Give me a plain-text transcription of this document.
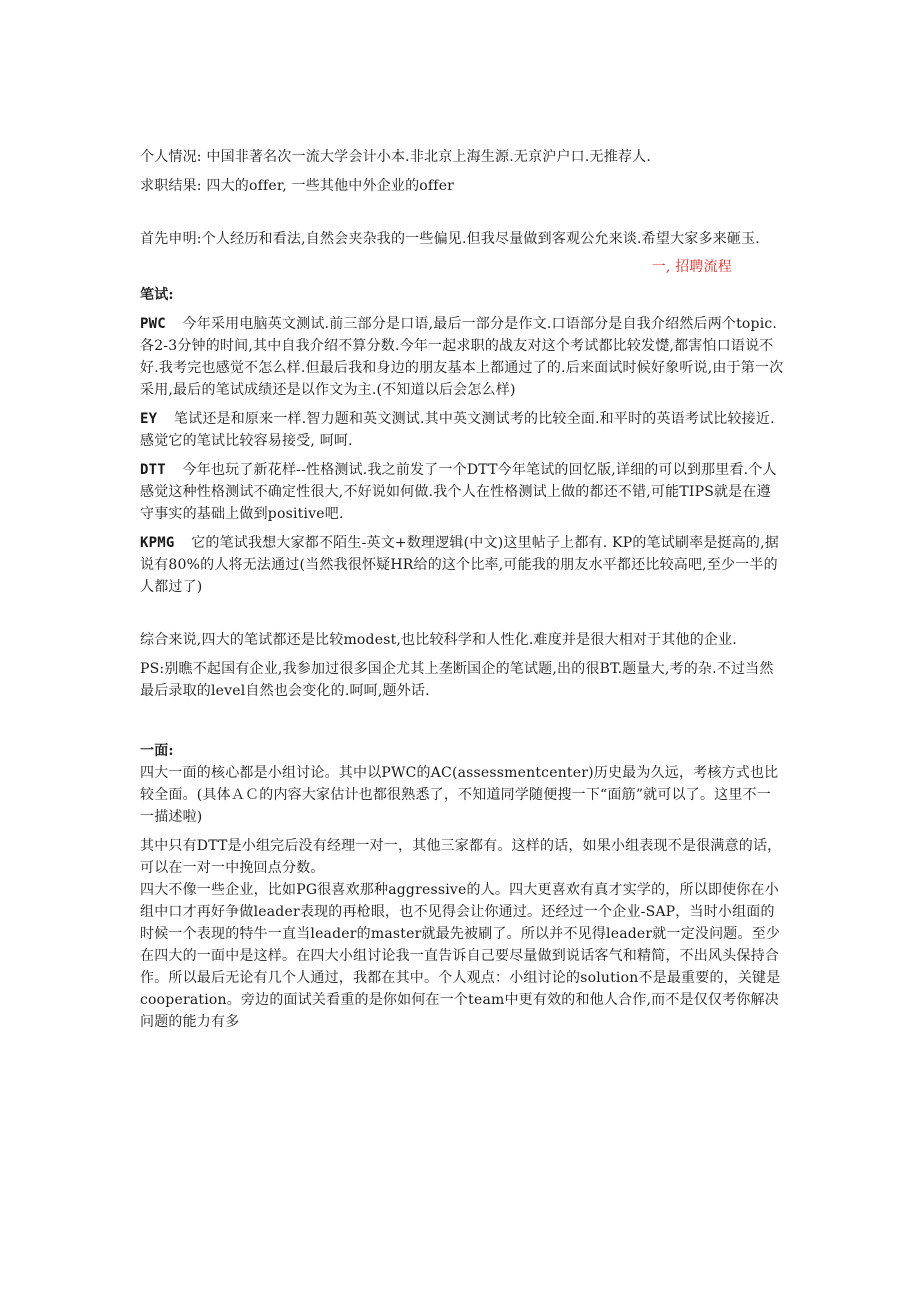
个人情况: 中国非著名次一流大学会计小本.非北京上海生源.无京沪户口.无推荐人.

求职结果: 四大的offer, 一些其他中外企业的offer

首先申明:个人经历和看法,自然会夹杂我的一些偏见.但我尽量做到客观公允来谈.希望大家多来砸玉.

一, 招聘流程

笔试:

PWC 今年采用电脑英文测试.前三部分是口语,最后一部分是作文.口语部分是自我介绍然后两个topic. 各2-3分钟的时间,其中自我介绍不算分数.今年一起求职的战友对这个考试都比较发憷,都害怕口语说不好.我考完也感觉不怎么样.但最后我和身边的朋友基本上都通过了的.后来面试时候好象听说,由于第一次采用,最后的笔试成绩还是以作文为主.(不知道以后会怎么样)

EY 笔试还是和原来一样.智力题和英文测试.其中英文测试考的比较全面.和平时的英语考试比较接近.感觉它的笔试比较容易接受, 呵呵.

DTT 今年也玩了新花样--性格测试.我之前发了一个DTT今年笔试的回忆版,详细的可以到那里看.个人感觉这种性格测试不确定性很大,不好说如何做.我个人在性格测试上做的都还不错,可能TIPS就是在遵守事实的基础上做到positive吧.

KPMG 它的笔试我想大家都不陌生-英文+数理逻辑(中文)这里帖子上都有. KP的笔试刷率是挺高的,据说有80%的人将无法通过(当然我很怀疑HR给的这个比率,可能我的朋友水平都还比较高吧,至少一半的人都过了)

综合来说,四大的笔试都还是比较modest,也比较科学和人性化.难度并是很大相对于其他的企业.

PS:别瞧不起国有企业,我参加过很多国企尤其上垄断国企的笔试题,出的很BT.题量大,考的杂.不过当然最后录取的level自然也会变化的.呵呵,题外话.

一面:

四大一面的核心都是小组讨论。其中以PWC的AC(assessmentcenter)历史最为久远，考核方式也比较全面。(具体ＡＣ的内容大家估计也都很熟悉了，不知道同学随便搜一下“面筋”就可以了。这里不一一描述啦)

其中只有DTT是小组完后没有经理一对一，其他三家都有。这样的话，如果小组表现不是很满意的话，可以在一对一中挽回点分数。

四大不像一些企业，比如PG很喜欢那种aggressive的人。四大更喜欢有真才实学的，所以即使你在小组中口才再好争做leader表现的再枪眼，也不见得会让你通过。还经过一个企业-SAP，当时小组面的时候一个表现的特牛一直当leader的master就最先被刷了。所以并不见得leader就一定没问题。至少在四大的一面中是这样。在四大小组讨论我一直告诉自己要尽量做到说话客气和精简，不出风头保持合作。所以最后无论有几个人通过，我都在其中。个人观点：小组讨论的solution不是最重要的，关键是cooperation。旁边的面试关看重的是你如何在一个team中更有效的和他人合作,而不是仅仅考你解决问题的能力有多
